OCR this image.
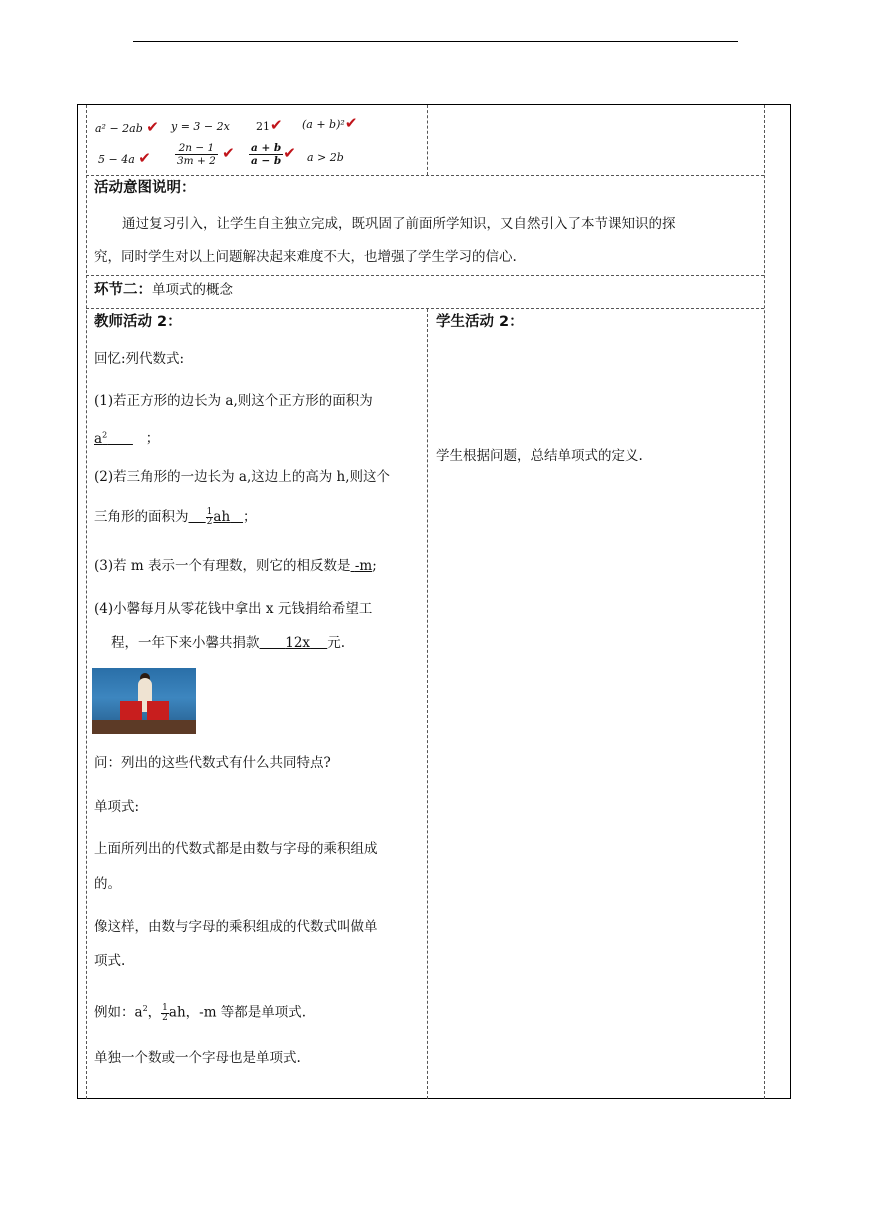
a² − 2ab ✔ y = 3 − 2x 21✔ (a + b)²✔
5 − 4a ✔ $\frac{2n - 1}{3m + 2}$ ✔ $\frac{a + b}{a - b}$ ✔ a > 2b
活动意图说明：
通过复习引入，让学生自主独立完成，既巩固了前面所学知识，又自然引入了本节课知识的探
究，同时学生对以上问题解决起来难度不大，也增强了学生学习的信心.
环节二：单项式的概念
教师活动 2：
回忆:列代数式:
(1)若正方形的边长为 a,则这个正方形的面积为
$a^2$	；
(2)若三角形的一边长为 a,这边上的高为 h,则这个
三角形的面积为 $\frac{1}{2}$ ah ；
(3)若 m 表示一个有理数，则它的相反数是 -m;
(4)小馨每月从零花钱中拿出 x 元钱捐给希望工
程，一年下来小馨共捐款 12x 元.
问：列出的这些代数式有什么共同特点?
单项式:
上面所列出的代数式都是由数与字母的乘积组成
的。
像这样，由数与字母的乘积组成的代数式叫做单
项式.
例如：$a^2$， $\frac{1}{2}$ ah，-m 等都是单项式.
单独一个数或一个字母也是单项式.
学生活动 2：
学生根据问题，总结单项式的定义.
